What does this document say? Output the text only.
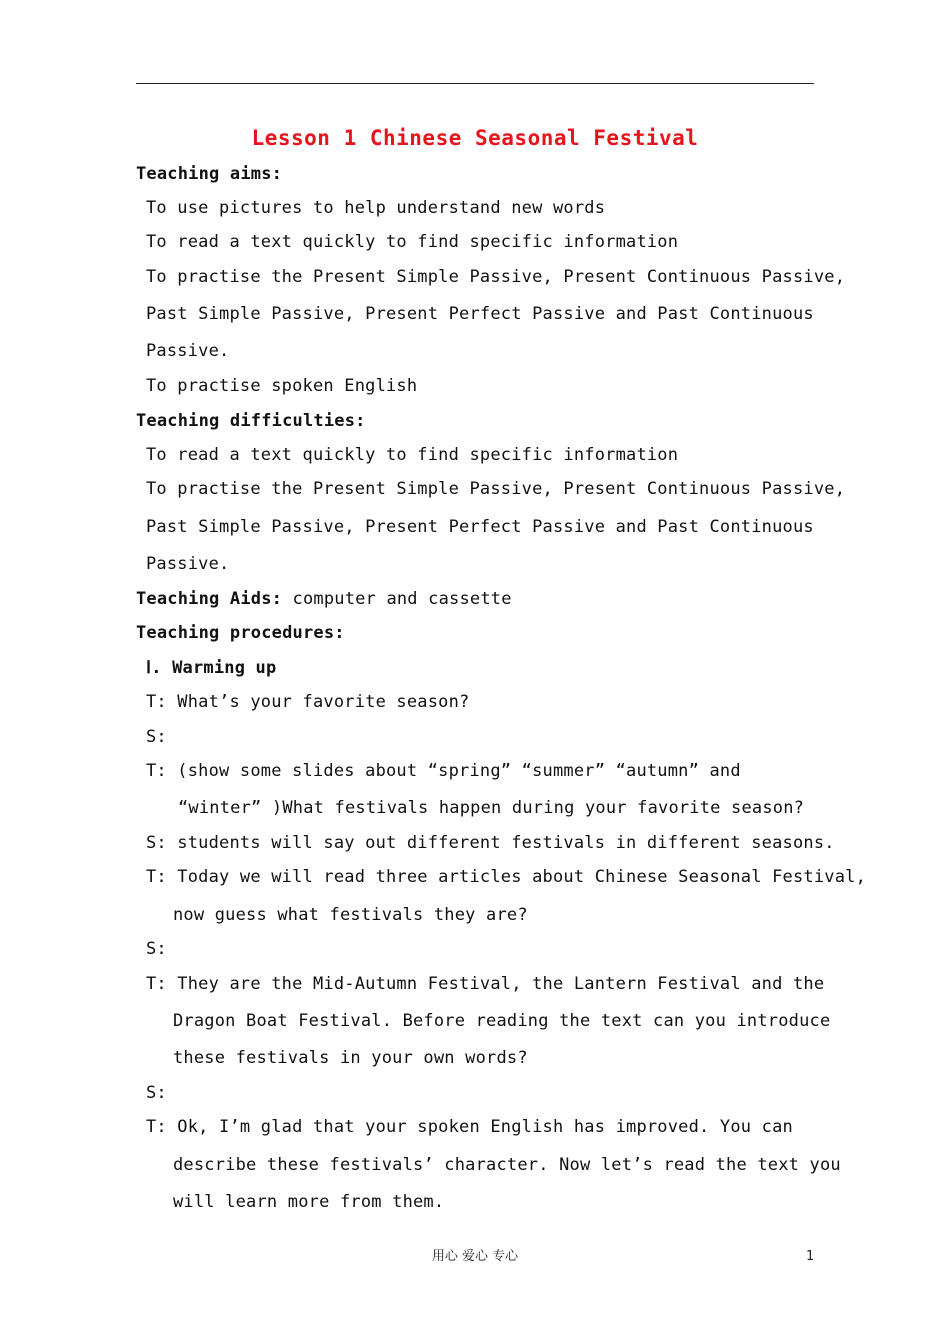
Lesson 1 Chinese Seasonal Festival
Teaching aims:
To use pictures to help understand new words
To read a text quickly to find specific information
To practise the Present Simple Passive, Present Continuous Passive,
Past Simple Passive, Present Perfect Passive and Past Continuous
Passive.
To practise spoken English
Teaching difficulties:
To read a text quickly to find specific information
To practise the Present Simple Passive, Present Continuous Passive,
Past Simple Passive, Present Perfect Passive and Past Continuous
Passive.
Teaching Aids: computer and cassette
Teaching procedures:
Ⅰ. Warming up
T: What’s your favorite season?
S:
T: (show some slides about “spring” “summer” “autumn” and
“winter” )What festivals happen during your favorite season?
S: students will say out different festivals in different seasons.
T: Today we will read three articles about Chinese Seasonal Festival,
now guess what festivals they are?
S:
T: They are the Mid-Autumn Festival, the Lantern Festival and the
Dragon Boat Festival. Before reading the text can you introduce
these festivals in your own words?
S:
T: Ok, I’m glad that your spoken English has improved. You can
describe these festivals’ character. Now let’s read the text you
will learn more from them.
用心 爱心 专心	1
